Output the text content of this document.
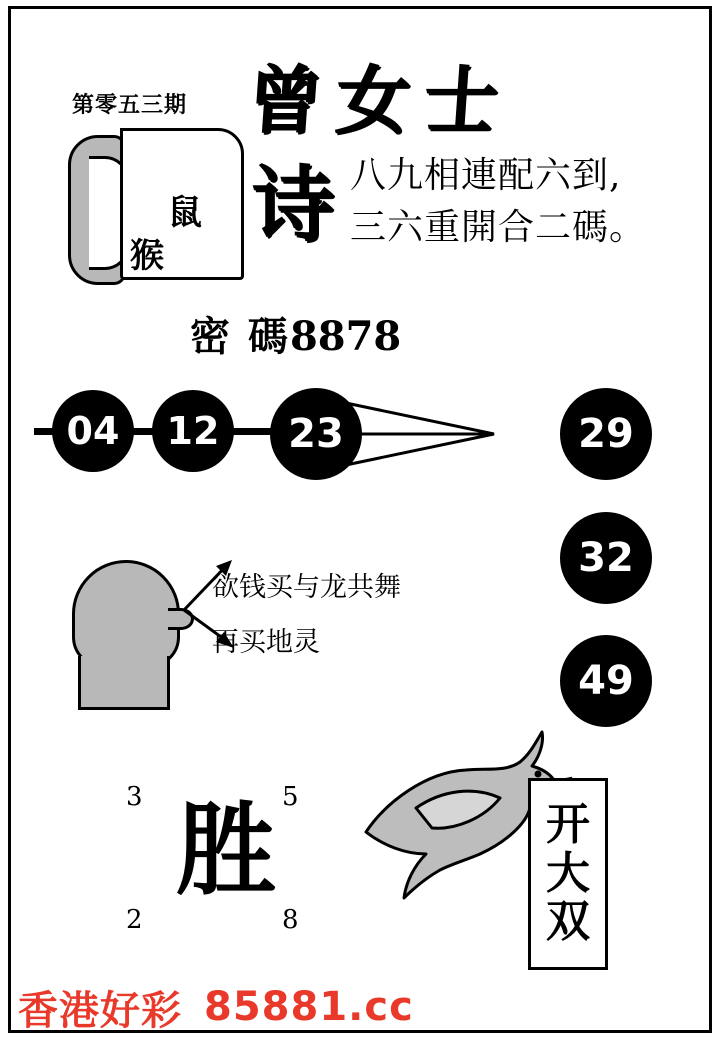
第零五三期 曾女士
鼠
猴
诗 八九相連配六到,
三六重開合二碼。
密 碼8878
04	12	23	29
32
49
欲钱买与龙共舞
再买地灵
胜
3	5
2	8
开
大
双
香港好彩 85881.cc
